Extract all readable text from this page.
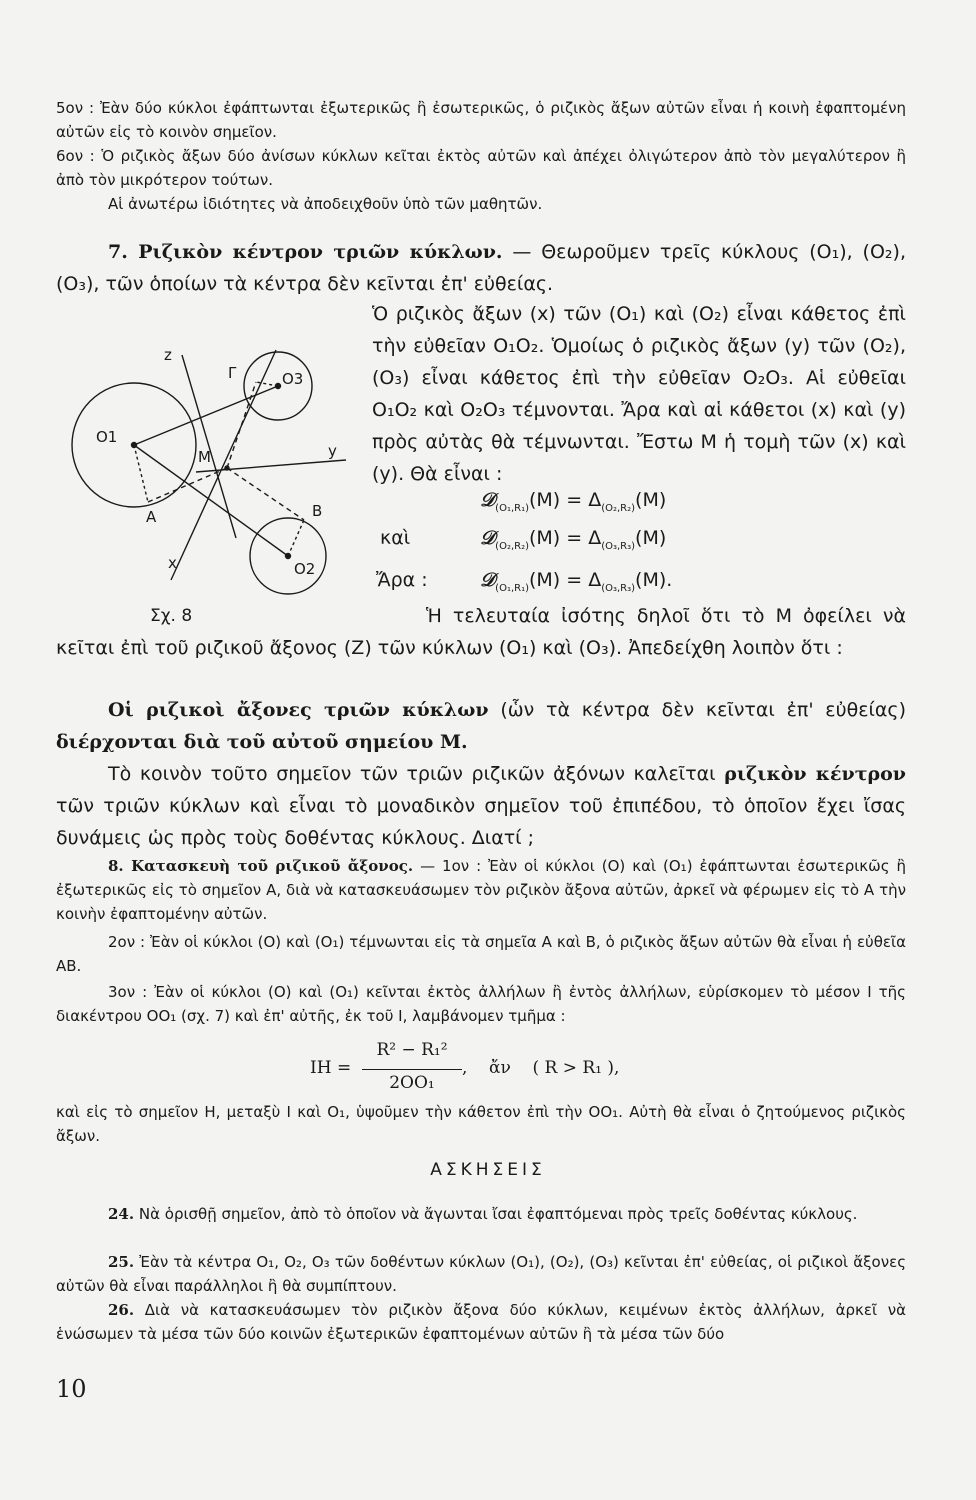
5ον : Ἐὰν δύο κύκλοι ἐφάπτωνται ἐξωτερικῶς ἢ ἐσωτερικῶς, ὁ ριζικὸς ἄξων αὐτῶν εἶναι ἡ κοινὴ ἐφαπτομένη αὐτῶν εἰς τὸ κοινὸν σημεῖον.

6ον : Ὁ ριζικὸς ἄξων δύο ἀνίσων κύκλων κεῖται ἐκτὸς αὐτῶν καὶ ἀπέχει ὀλιγώτερον ἀπὸ τὸν μεγαλύτερον ἢ ἀπὸ τὸν μικρότερον τούτων.

Αἱ ἀνωτέρω ἰδιότητες νὰ ἀποδειχθοῦν ὑπὸ τῶν μαθητῶν.

7. Ριζικὸν κέντρον τριῶν κύκλων. — Θεωροῦμεν τρεῖς κύκλους (O₁), (O₂), (O₃), τῶν ὁποίων τὰ κέντρα δὲν κεῖνται ἐπ' εὐθείας.

z
Γ	O3
O1
M	y
A	B
x	O2
Σχ. 8

Ὁ ριζικὸς ἄξων (x) τῶν (O₁) καὶ (O₂) εἶναι κάθετος ἐπὶ τὴν εὐθεῖαν O₁O₂. Ὁμοίως ὁ ριζικὸς ἄξων (y) τῶν (O₂),(O₃) εἶναι κάθετος ἐπὶ τὴν εὐθεῖαν O₂O₃. Αἱ εὐθεῖαι O₁O₂ καὶ O₂O₃ τέμνονται. Ἄρα καὶ αἱ κάθετοι (x) καὶ (y) πρὸς αὐτὰς θὰ τέμνωνται. Ἔστω M ἡ τομὴ τῶν (x) καὶ (y). Θὰ εἶναι :

𝒟$_{(O_1,R_1)}$(M) = $\Delta_{(O_2,R_2)}(M)$
καὶ	𝒟$_{(O_2,R_2)}$(M) = $\Delta_{(O_3,R_3)}(M)$
Ἄρα :	𝒟$_{(O_1,R_1)}$(M) = $\Delta_{(O_3,R_3)}(M)$.

Ἡ τελευταία ἰσότης δηλοῖ ὅτι τὸ M ὀφείλει νὰ κεῖται ἐπὶ τοῦ ριζικοῦ ἄξονος (Z) τῶν κύκλων (O₁) καὶ (O₃). Ἀπεδείχθη λοιπὸν ὅτι :

Οἱ ριζικοὶ ἄξονες τριῶν κύκλων (ὧν τὰ κέντρα δὲν κεῖνται ἐπ' εὐθείας) διέρχονται διὰ τοῦ αὐτοῦ σημείου M.

Τὸ κοινὸν τοῦτο σημεῖον τῶν τριῶν ριζικῶν ἀξόνων καλεῖται ριζικὸν κέντρον τῶν τριῶν κύκλων καὶ εἶναι τὸ μοναδικὸν σημεῖον τοῦ ἐπιπέδου, τὸ ὁποῖον ἔχει ἴσας δυνάμεις ὡς πρὸς τοὺς δοθέντας κύκλους. Διατί ;

8. Κατασκευὴ τοῦ ριζικοῦ ἄξονος. — 1ον : Ἐὰν οἱ κύκλοι (O) καὶ (O₁) ἐφάπτωνται ἐσωτερικῶς ἢ ἐξωτερικῶς εἰς τὸ σημεῖον A, διὰ νὰ κατασκευάσωμεν τὸν ριζικὸν ἄξονα αὐτῶν, ἀρκεῖ νὰ φέρωμεν εἰς τὸ A τὴν κοινὴν ἐφαπτομένην αὐτῶν.

2ον : Ἐὰν οἱ κύκλοι (O) καὶ (O₁) τέμνωνται εἰς τὰ σημεῖα A καὶ B, ὁ ριζικὸς ἄξων αὐτῶν θὰ εἶναι ἡ εὐθεῖα AB.

3ον : Ἐὰν οἱ κύκλοι (O) καὶ (O₁) κεῖνται ἐκτὸς ἀλλήλων ἢ ἐντὸς ἀλλήλων, εὑρίσκομεν τὸ μέσον I τῆς διακέντρου OO₁ (σχ. 7) καὶ ἐπ' αὐτῆς, ἐκ τοῦ I, λαμβάνομεν τμῆμα :

IH =
R² − R₁²
2OO₁
,    ἄν    ( R > R₁ ),

καὶ εἰς τὸ σημεῖον H, μεταξὺ I καὶ O₁, ὑψοῦμεν τὴν κάθετον ἐπὶ τὴν OO₁. Αὐτὴ θὰ εἶναι ὁ ζητούμενος ριζικὸς ἄξων.

ΑΣΚΗΣΕΙΣ

24. Νὰ ὁρισθῇ σημεῖον, ἀπὸ τὸ ὁποῖον νὰ ἄγωνται ἴσαι ἐφαπτόμεναι πρὸς τρεῖς δοθέντας κύκλους.

25. Ἐὰν τὰ κέντρα O₁, O₂, O₃ τῶν δοθέντων κύκλων (O₁), (O₂), (O₃) κεῖνται ἐπ' εὐθείας, οἱ ριζικοὶ ἄξονες αὐτῶν θὰ εἶναι παράλληλοι ἢ θὰ συμπίπτουν.

26. Διὰ νὰ κατασκευάσωμεν τὸν ριζικὸν ἄξονα δύο κύκλων, κειμένων ἐκτὸς ἀλλήλων, ἀρκεῖ νὰ ἑνώσωμεν τὰ μέσα τῶν δύο κοινῶν ἐξωτερικῶν ἐφαπτομένων αὐτῶν ἢ τὰ μέσα τῶν δύο

10
